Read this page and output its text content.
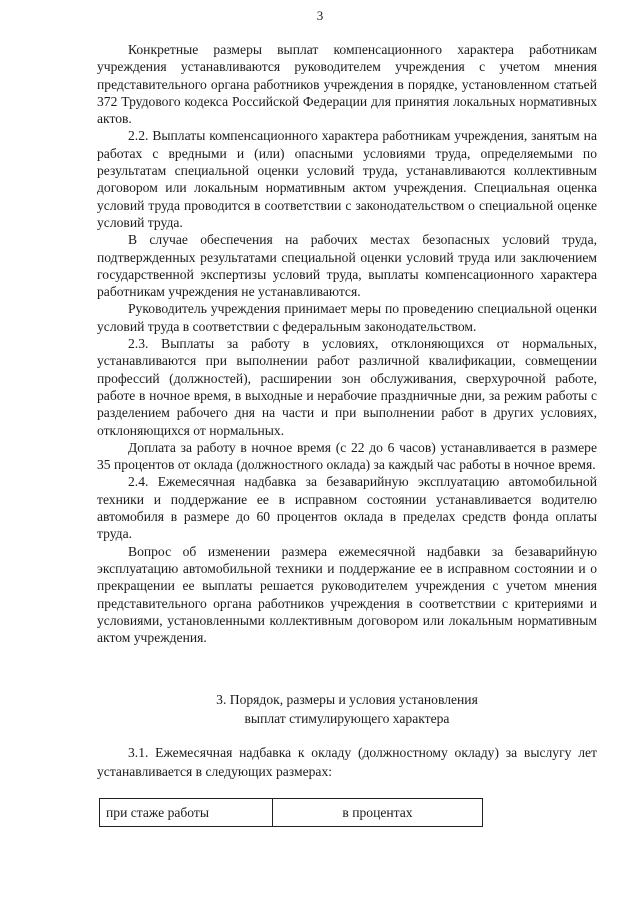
3

Конкретные размеры выплат компенсационного характера работникам учреждения устанавливаются руководителем учреждения с учетом мнения представительного органа работников учреждения в порядке, установленном статьей 372 Трудового кодекса Российской Федерации для принятия локальных нормативных актов.

2.2. Выплаты компенсационного характера работникам учреждения, занятым на работах с вредными и (или) опасными условиями труда, определяемыми по результатам специальной оценки условий труда, устанавливаются коллективным договором или локальным нормативным актом учреждения. Специальная оценка условий труда проводится в соответствии с законодательством о специальной оценке условий труда.

В случае обеспечения на рабочих местах безопасных условий труда, подтвержденных результатами специальной оценки условий труда или заключением государственной экспертизы условий труда, выплаты компенсационного характера работникам учреждения не устанавливаются.

Руководитель учреждения принимает меры по проведению специальной оценки условий труда в соответствии с федеральным законодательством.

2.3. Выплаты за работу в условиях, отклоняющихся от нормальных, устанавливаются при выполнении работ различной квалификации, совмещении профессий (должностей), расширении зон обслуживания, сверхурочной работе, работе в ночное время, в выходные и нерабочие праздничные дни, за режим работы с разделением рабочего дня на части и при выполнении работ в других условиях, отклоняющихся от нормальных.

Доплата за работу в ночное время (с 22 до 6 часов) устанавливается в размере 35 процентов от оклада (должностного оклада) за каждый час работы в ночное время.

2.4. Ежемесячная надбавка за безаварийную эксплуатацию автомобильной техники и поддержание ее в исправном состоянии устанавливается водителю автомобиля в размере до 60 процентов оклада в пределах средств фонда оплаты труда.

Вопрос об изменении размера ежемесячной надбавки за безаварийную эксплуатацию автомобильной техники и поддержание ее в исправном состоянии и о прекращении ее выплаты решается руководителем учреждения с учетом мнения представительного органа работников учреждения в соответствии с критериями и условиями, установленными коллективным договором или локальным нормативным актом учреждения.

3. Порядок, размеры и условия установления
выплат стимулирующего характера

3.1. Ежемесячная надбавка к окладу (должностному окладу) за выслугу лет устанавливается в следующих размерах:

при стаже работы	в процентах
